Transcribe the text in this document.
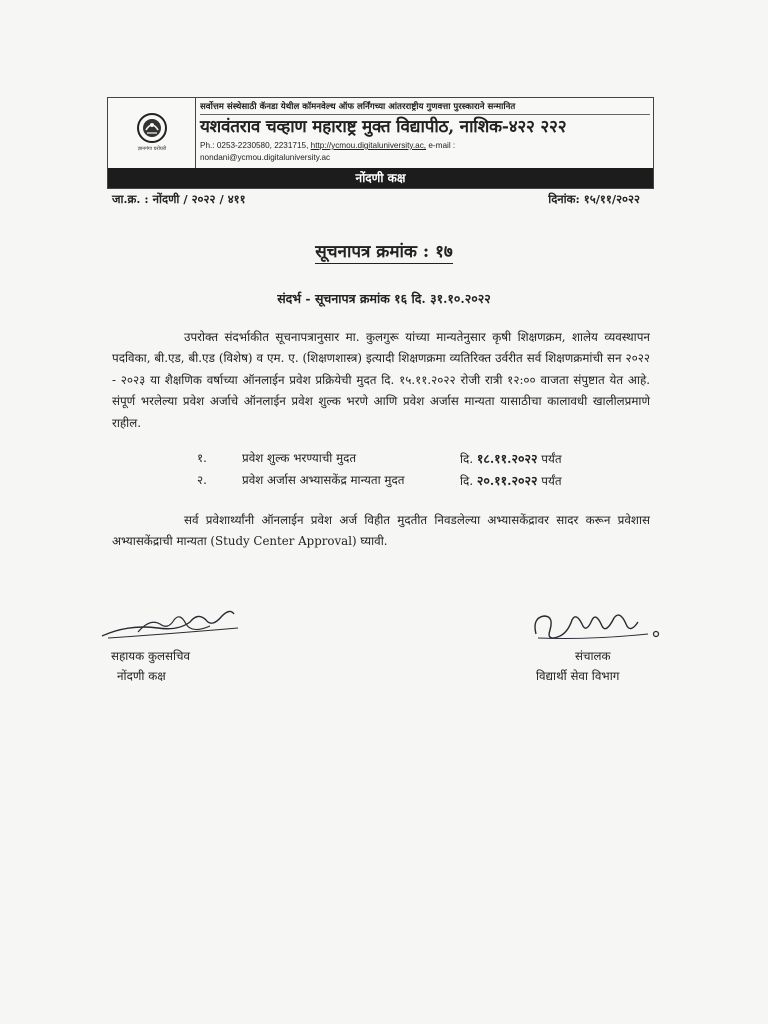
ज्ञानगंगा घरोघरी
सर्वोत्तम संस्थेसाठी कॅनडा येथील कॉमनवेल्थ ऑफ लर्निंगच्या आंतरराष्ट्रीय गुणवत्ता पुरस्काराने सन्मानित
यशवंतराव चव्हाण महाराष्ट्र मुक्त विद्यापीठ, नाशिक-४२२ २२२
Ph.: 0253-2230580, 2231715, http://ycmou.digitaluniversity.ac, e-mail :
nondani@ycmou.digitaluniversity.ac
नोंदणी कक्ष
जा.क्र. : नोंदणी / २०२२ / ४११	दिनांक: १५/११/२०२२
सूचनापत्र क्रमांक : १७
संदर्भ - सूचनापत्र क्रमांक १६ दि. ३१.१०.२०२२
उपरोक्त संदर्भाकीत सूचनापत्रानुसार मा. कुलगुरू यांच्या मान्यतेनुसार कृषी शिक्षणक्रम, शालेय व्यवस्थापन पदविका, बी.एड, बी.एड (विशेष) व एम. ए. (शिक्षणशास्त्र) इत्यादी शिक्षणक्रमा व्यतिरिक्त उर्वरीत सर्व शिक्षणक्रमांची सन २०२२ - २०२३ या शैक्षणिक वर्षाच्या ऑनलाईन प्रवेश प्रक्रियेची मुदत दि. १५.११.२०२२ रोजी रात्री १२:०० वाजता संपुष्टात येत आहे. संपूर्ण भरलेल्या प्रवेश अर्जाचे ऑनलाईन प्रवेश शुल्क भरणे आणि प्रवेश अर्जास मान्यता यासाठीचा कालावधी खालीलप्रमाणे राहील.
१.	प्रवेश शुल्क भरण्याची मुदत	दि. १८.११.२०२२ पर्यंत
२.	प्रवेश अर्जास अभ्यासकेंद्र मान्यता मुदत	दि. २०.११.२०२२ पर्यंत
सर्व प्रवेशार्थ्यांनी ऑनलाईन प्रवेश अर्ज विहीत मुदतीत निवडलेल्या अभ्यासकेंद्रावर सादर करून प्रवेशास अभ्यासकेंद्राची मान्यता (Study Center Approval) घ्यावी.
सहायक कुलसचिव
नोंदणी कक्ष
संचालक
विद्यार्थी सेवा विभाग
